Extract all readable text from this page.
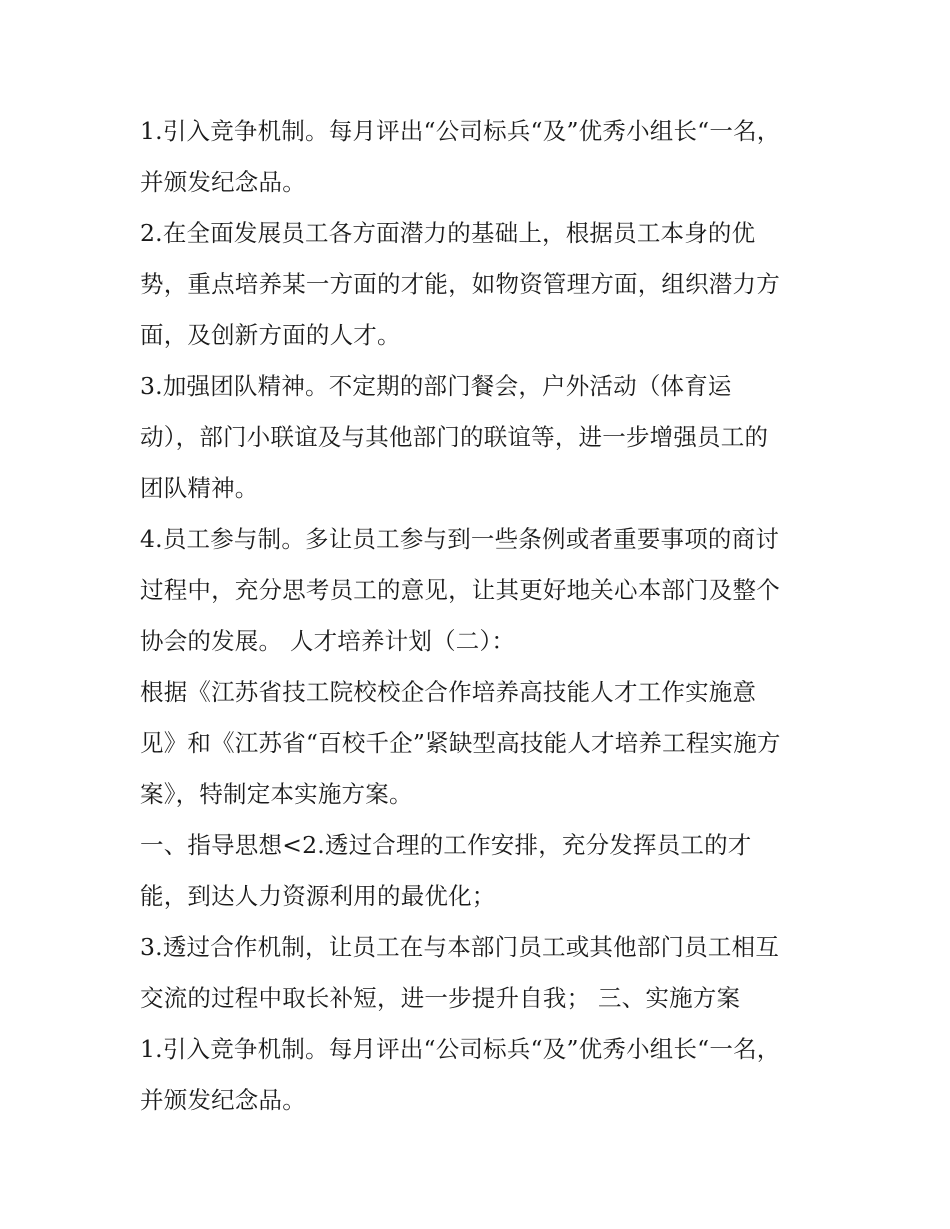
1.引入竞争机制。每月评出“公司标兵“及”优秀小组长“一名，
并颁发纪念品。
2.在全面发展员工各方面潜力的基础上，根据员工本身的优
势，重点培养某一方面的才能，如物资管理方面，组织潜力方
面，及创新方面的人才。
3.加强团队精神。不定期的部门餐会，户外活动（体育运
动），部门小联谊及与其他部门的联谊等，进一步增强员工的
团队精神。
4.员工参与制。多让员工参与到一些条例或者重要事项的商讨
过程中，充分思考员工的意见，让其更好地关心本部门及整个
协会的发展。 人才培养计划（二）：
根据《江苏省技工院校校企合作培养高技能人才工作实施意
见》和《江苏省“百校千企”紧缺型高技能人才培养工程实施方
案》，特制定本实施方案。
一、指导思想<2.透过合理的工作安排，充分发挥员工的才
能，到达人力资源利用的最优化；
3.透过合作机制，让员工在与本部门员工或其他部门员工相互
交流的过程中取长补短，进一步提升自我； 三、实施方案
1.引入竞争机制。每月评出“公司标兵“及”优秀小组长“一名，
并颁发纪念品。
